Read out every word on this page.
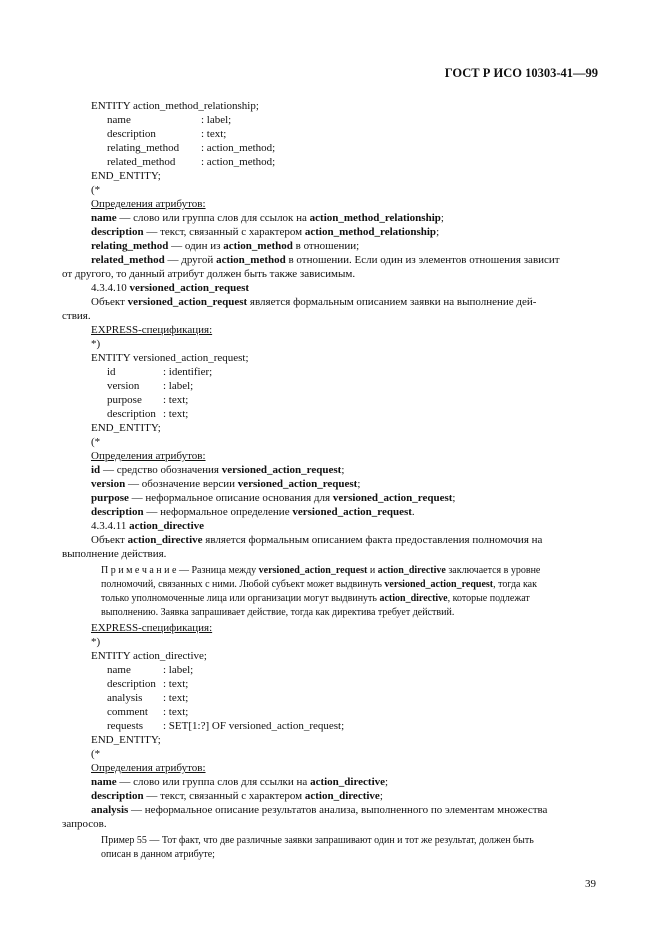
ГОСТ Р ИСО 10303-41—99
ENTITY action_method_relationship;
name	: label;
description	: text;
relating_method : action_method;
related_method : action_method;
END_ENTITY;
(*
Определения атрибутов:
name — слово или группа слов для ссылок на action_method_relationship;
description — текст, связанный с характером action_method_relationship;
relating_method — один из action_method в отношении;
related_method — другой action_method в отношении. Если один из элементов отношения зависит
от другого, то данный атрибут должен быть также зависимым.
4.3.4.10 versioned_action_request
Объект versioned_action_request является формальным описанием заявки на выполнение дей-
ствия.
EXPRESS-спецификация:
*)
ENTITY versioned_action_request;
id	: identifier;
version : label;
purpose : text;
description : text;
END_ENTITY;
(*
Определения атрибутов:
id — средство обозначения versioned_action_request;
version — обозначение версии versioned_action_request;
purpose — неформальное описание основания для versioned_action_request;
description — неформальное определение versioned_action_request.
4.3.4.11 action_directive
Объект action_directive является формальным описанием факта предоставления полномочия на
выполнение действия.
П р и м е ч а н и е — Разница между versioned_action_request и action_directive заключается в уровне
полномочий, связанных с ними. Любой субъект может выдвинуть versioned_action_request, тогда как
только уполномоченные лица или организации могут выдвинуть action_directive, которые подлежат
выполнению. Заявка запрашивает действие, тогда как директива требует действий.
EXPRESS-спецификация:
*)
ENTITY action_directive;
name	: label;
description : text;
analysis : text;
comment : text;
requests : SET[1:?] OF versioned_action_request;
END_ENTITY;
(*
Определения атрибутов:
name — слово или группа слов для ссылки на action_directive;
description — текст, связанный с характером action_directive;
analysis — неформальное описание результатов анализа, выполненного по элементам множества
запросов.
Пример 55 — Тот факт, что две различные заявки запрашивают один и тот же результат, должен быть
описан в данном атрибуте;
39
